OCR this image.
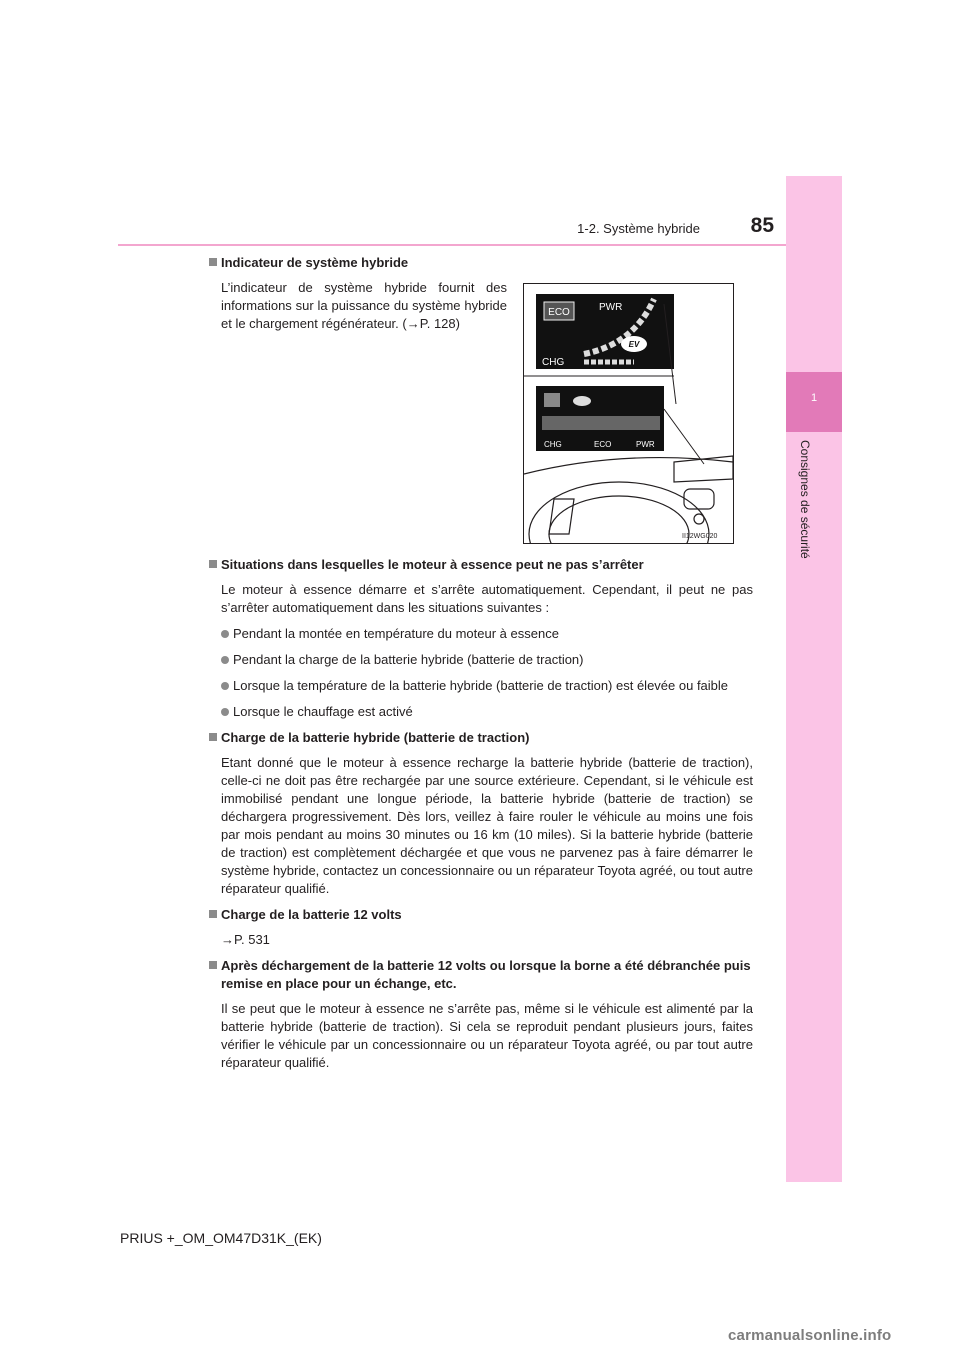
1
Consignes de sécurité
1-2. Système hybride	85

Indicateur de système hybride

L’indicateur de système hybride fournit des informations sur la puissance du système hybride et le chargement régénérateur. (→P. 128)

Situations dans lesquelles le moteur à essence peut ne pas s’arrêter

Le moteur à essence démarre et s’arrête automatiquement. Cependant, il peut ne pas s’arrêter automatiquement dans les situations suivantes :

Pendant la montée en température du moteur à essence
Pendant la charge de la batterie hybride (batterie de traction)
Lorsque la température de la batterie hybride (batterie de traction) est élevée ou faible
Lorsque le chauffage est activé

Charge de la batterie hybride (batterie de traction)

Etant donné que le moteur à essence recharge la batterie hybride (batterie de traction), celle-ci ne doit pas être rechargée par une source extérieure. Cependant, si le véhicule est immobilisé pendant une longue période, la batterie hybride (batterie de traction) se déchargera progressivement. Dès lors, veillez à faire rouler le véhicule au moins une fois par mois pendant au moins 30 minutes ou 16 km (10 miles). Si la batterie hybride (batterie de traction) est complètement déchargée et que vous ne parvenez pas à faire démarrer le système hybride, contactez un concessionnaire ou un réparateur Toyota agréé, ou tout autre réparateur qualifié.

Charge de la batterie 12 volts

→P. 531

Après déchargement de la batterie 12 volts ou lorsque la borne a été débranchée puis remise en place pour un échange, etc.

Il se peut que le moteur à essence ne s’arrête pas, même si le véhicule est alimenté par la batterie hybride (batterie de traction). Si cela se reproduit pendant plusieurs jours, faites vérifier le véhicule par un concessionnaire ou un réparateur Toyota agréé, ou par tout autre réparateur qualifié.

ECO	PWR
CHG
EV
CHG	ECO	PWR
II12WG020
PRIUS +_OM_OM47D31K_(EK)
carmanualsonline.info
